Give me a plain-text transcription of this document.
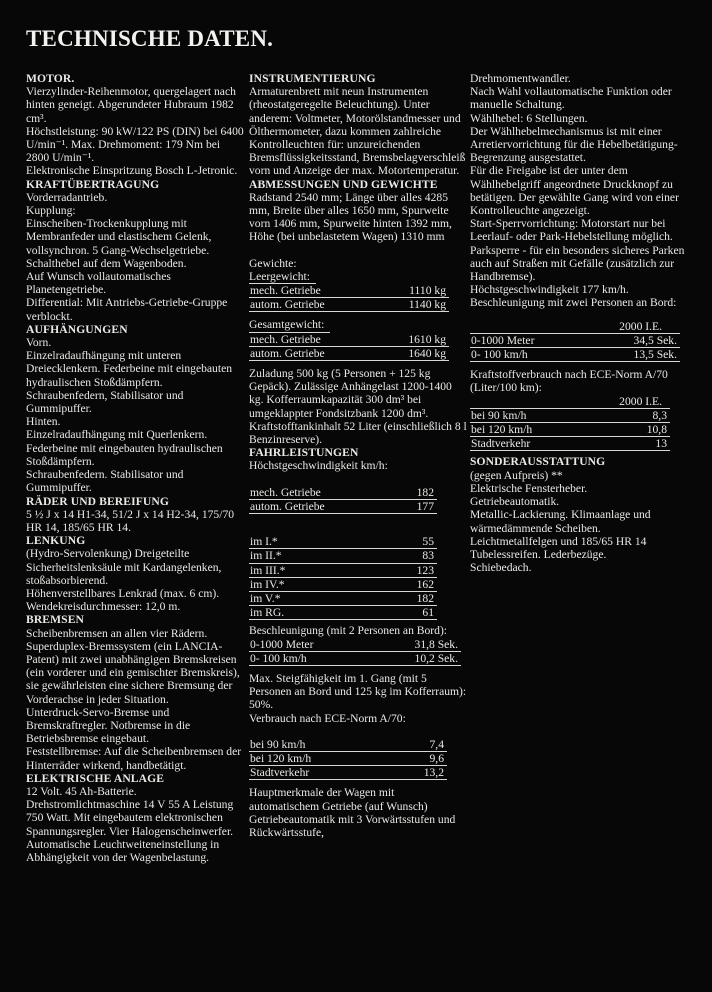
TECHNISCHE DATEN.
MOTOR.
Vierzylinder-Reihenmotor, quergelagert nach hinten geneigt. Abgerundeter Hubraum 1982 cm³.
Höchstleistung: 90 kW/122 PS (DIN) bei 6400 U/min⁻¹. Max. Drehmoment: 179 Nm bei 2800 U/min⁻¹.
Elektronische Einspritzung Bosch L-Jetronic.
KRAFTÜBERTRAGUNG
Vorderradantrieb.
Kupplung:
Einscheiben-Trockenkupplung mit Membranfeder und elastischem Gelenk, vollsynchron. 5 Gang-Wechselgetriebe.
Schalthebel auf dem Wagenboden.
Auf Wunsch vollautomatisches Planetengetriebe.
Differential: Mit Antriebs-Getriebe-Gruppe verblockt.
AUFHÄNGUNGEN
Vorn.
Einzelradaufhängung mit unteren Dreiecklenkern. Federbeine mit eingebauten hydraulischen Stoßdämpfern.
Schraubenfedern, Stabilisator und Gummipuffer.
Hinten.
Einzelradaufhängung mit Querlenkern. Federbeine mit eingebauten hydraulischen Stoßdämpfern.
Schraubenfedern. Stabilisator und Gummipuffer.
RÄDER UND BEREIFUNG
5 ½ J x 14 H1-34, 51/2 J x 14 H2-34, 175/70 HR 14, 185/65 HR 14.
LENKUNG
(Hydro-Servolenkung) Dreigeteilte Sicherheitslenksäule mit Kardangelenken, stoßabsorbierend.
Höhenverstellbares Lenkrad (max. 6 cm). Wendekreisdurchmesser: 12,0 m.
BREMSEN
Scheibenbremsen an allen vier Rädern.
Superduplex-Bremssystem (ein LANCIA-Patent) mit zwei unabhängigen Bremskreisen (ein vorderer und ein gemischter Bremskreis), sie gewährleisten eine sichere Bremsung der Vorderachse in jeder Situation.
Unterdruck-Servo-Bremse und Bremskraftregler. Notbremse in die Betriebsbremse eingebaut.
Feststellbremse: Auf die Scheibenbremsen der Hinterräder wirkend, handbetätigt.
ELEKTRISCHE ANLAGE
12 Volt. 45 Ah-Batterie.
Drehstromlichtmaschine 14 V 55 A Leistung 750 Watt. Mit eingebautem elektronischen Spannungsregler. Vier Halogenscheinwerfer. Automatische Leuchtweiteneinstellung in Abhängigkeit von der Wagenbelastung.
INSTRUMENTIERUNG
Armaturenbrett mit neun Instrumenten (rheostatgeregelte Beleuchtung). Unter anderem: Voltmeter, Motorölstandmesser und Ölthermometer, dazu kommen zahlreiche Kontrolleuchten für: unzureichenden Bremsflüssigkeitsstand, Bremsbelagverschleiß vorn und Anzeige der max. Motortemperatur.
ABMESSUNGEN UND GEWICHTE
Radstand 2540 mm; Länge über alles 4285 mm, Breite über alles 1650 mm, Spurweite vorn 1406 mm, Spurweite hinten 1392 mm, Höhe (bei unbelastetem Wagen) 1310 mm
Gewichte:
Leergewicht:
mech. Getriebe	1110 kg
autom. Getriebe	1140 kg
Gesamtgewicht:
mech. Getriebe	1610 kg
autom. Getriebe	1640 kg
Zuladung 500 kg (5 Personen + 125 kg Gepäck). Zulässige Anhängelast 1200-1400 kg. Kofferraumkapazität 300 dm³ bei umgeklappter Fondsitzbank 1200 dm³. Kraftstofftankinhalt 52 Liter (einschließlich 8 l Benzinreserve).
FAHRLEISTUNGEN
Höchstgeschwindigkeit km/h:
mech. Getriebe	182
autom. Getriebe	177
im I.*	55
im II.*	83
im III.*	123
im IV.*	162
im V.*	182
im RG.	61
Beschleunigung (mit 2 Personen an Bord):
0-1000 Meter	31,8 Sek.
0- 100 km/h	10,2 Sek.
Max. Steigfähigkeit im 1. Gang (mit 5 Personen an Bord und 125 kg im Kofferraum): 50%.
Verbrauch nach ECE-Norm A/70:
bei 90 km/h	7,4
bei 120 km/h	9,6
Stadtverkehr	13,2
Hauptmerkmale der Wagen mit automatischem Getriebe (auf Wunsch) Getriebeautomatik mit 3 Vorwärtsstufen und Rückwärtsstufe,
Drehmomentwandler.
Nach Wahl vollautomatische Funktion oder manuelle Schaltung.
Wählhebel: 6 Stellungen.
Der Wählhebelmechanismus ist mit einer Arretiervorrichtung für die Hebelbetätigung-Begrenzung ausgestattet.
Für die Freigabe ist der unter dem Wählhebelgriff angeordnete Druckknopf zu betätigen. Der gewählte Gang wird von einer Kontrolleuchte angezeigt.
Start-Sperrvorrichtung: Motorstart nur bei Leerlauf- oder Park-Hebelstellung möglich.
Parksperre - für ein besonders sicheres Parken auch auf Straßen mit Gefälle (zusätzlich zur Handbremse).
Höchstgeschwindigkeit 177 km/h.
Beschleunigung mit zwei Personen an Bord:
2000 I.E.
0-1000 Meter	34,5 Sek.
0- 100 km/h	13,5 Sek.
Kraftstoffverbrauch nach ECE-Norm A/70 (Liter/100 km):
2000 I.E.
bei 90 km/h	8,3
bei 120 km/h	10,8
Stadtverkehr	13
SONDERAUSSTATTUNG
(gegen Aufpreis) **
Elektrische Fensterheber.
Getriebeautomatik.
Metallic-Lackierung. Klimaanlage und wärmedämmende Scheiben.
Leichtmetallfelgen und 185/65 HR 14 Tubelessreifen. Lederbezüge.
Schiebedach.
